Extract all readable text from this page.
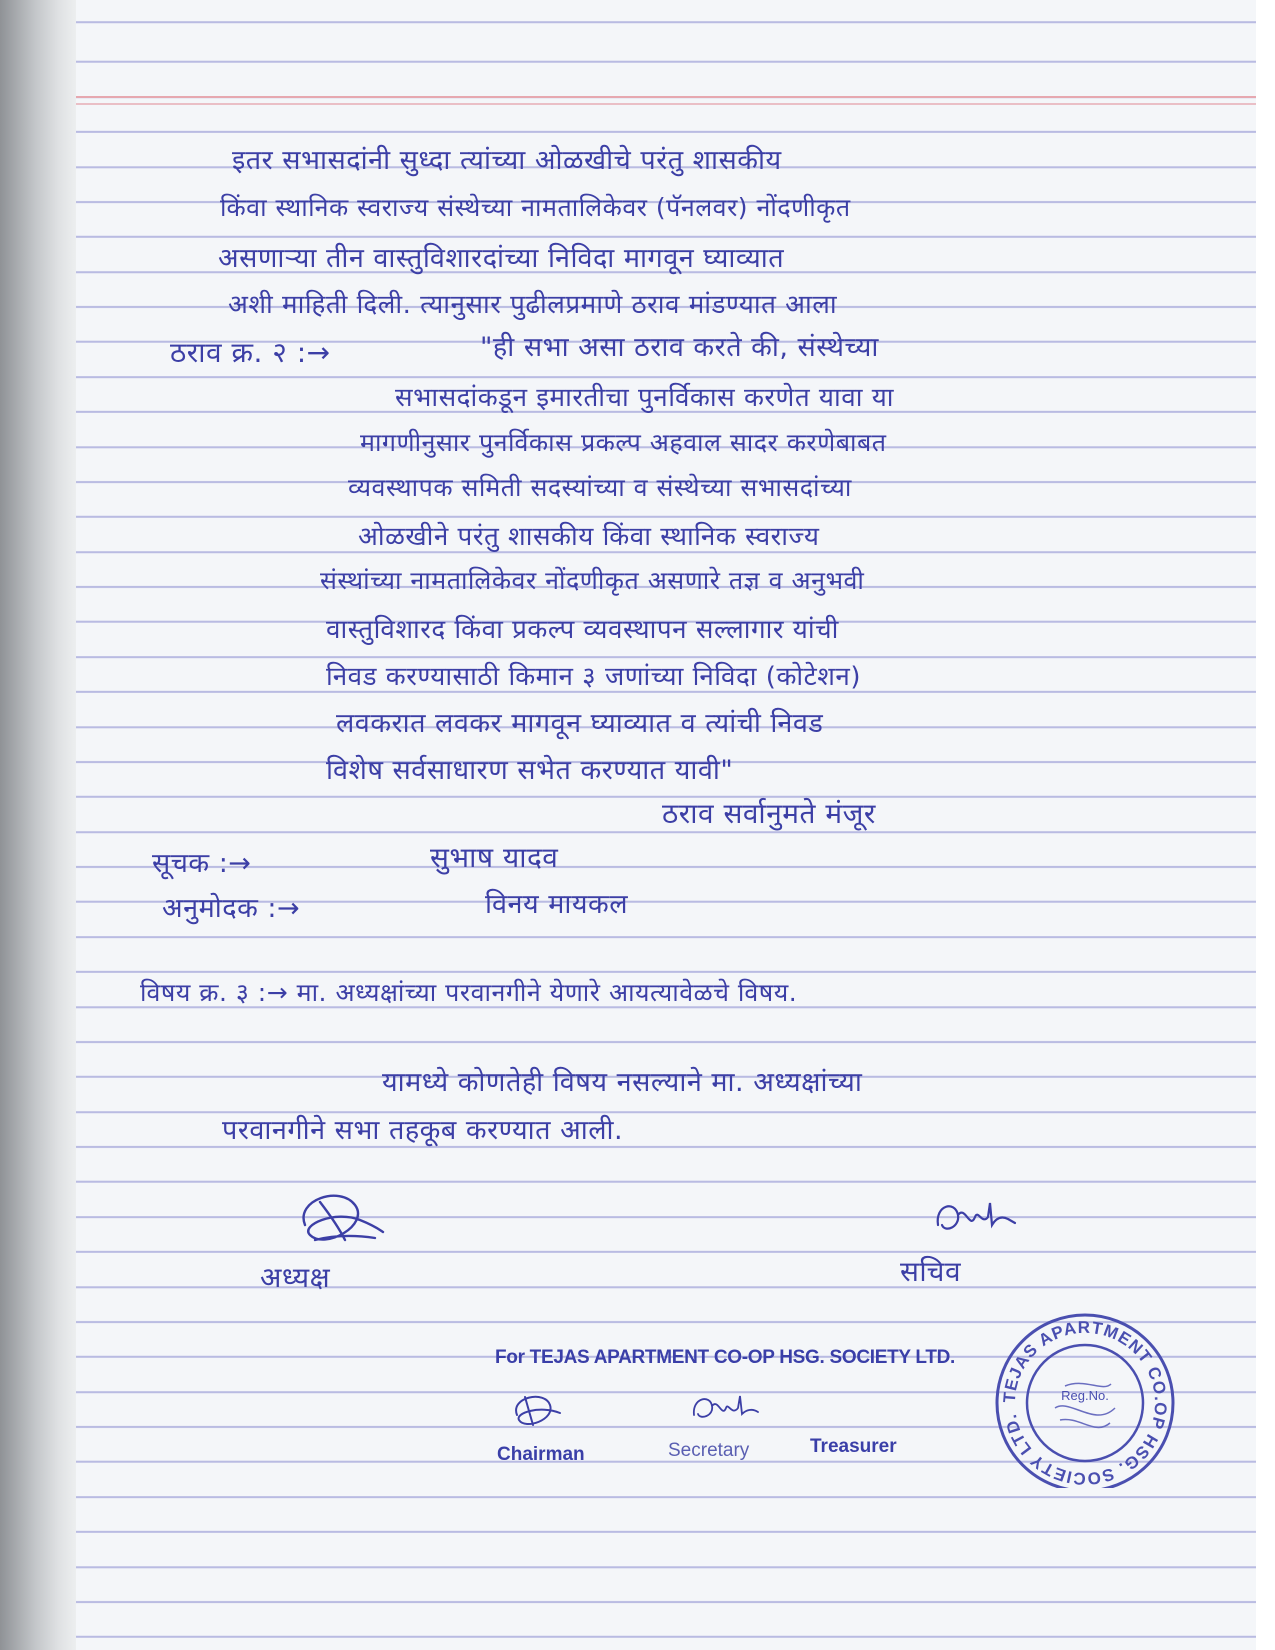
इतर सभासदांनी सुध्दा त्यांच्या ओळखीचे परंतु शासकीय
किंवा स्थानिक स्वराज्य संस्थेच्या नामतालिकेवर (पॅनलवर) नोंदणीकृत
असणाऱ्या तीन वास्तुविशारदांच्या निविदा मागवून घ्याव्यात
अशी माहिती दिली. त्यानुसार पुढीलप्रमाणे ठराव मांडण्यात आला
ठराव क्र. २ :→	"ही सभा असा ठराव करते की, संस्थेच्या
सभासदांकडून इमारतीचा पुनर्विकास करणेत यावा या
मागणीनुसार पुनर्विकास प्रकल्प अहवाल सादर करणेबाबत
व्यवस्थापक समिती सदस्यांच्या व संस्थेच्या सभासदांच्या
ओळखीने परंतु शासकीय किंवा स्थानिक स्वराज्य
संस्थांच्या नामतालिकेवर नोंदणीकृत असणारे तज्ञ व अनुभवी
वास्तुविशारद किंवा प्रकल्प व्यवस्थापन सल्लागार यांची
निवड करण्यासाठी किमान ३ जणांच्या निविदा (कोटेशन)
लवकरात लवकर मागवून घ्याव्यात व त्यांची निवड
विशेष सर्वसाधारण सभेत करण्यात यावी"
ठराव सर्वानुमते मंजूर
सूचक :→	सुभाष यादव
अनुमोदक :→	विनय मायकल
विषय क्र. ३ :→ मा. अध्यक्षांच्या परवानगीने येणारे आयत्यावेळचे विषय.
यामध्ये कोणतेही विषय नसल्याने मा. अध्यक्षांच्या
परवानगीने सभा तहकूब करण्यात आली.
अध्यक्ष	सचिव
For TEJAS APARTMENT CO-OP HSG. SOCIETY LTD.
Chairman	Secretary	Treasurer
TEJAS APARTMENT CO.OP HSG. SOCIETY LTD.
Reg.No.
